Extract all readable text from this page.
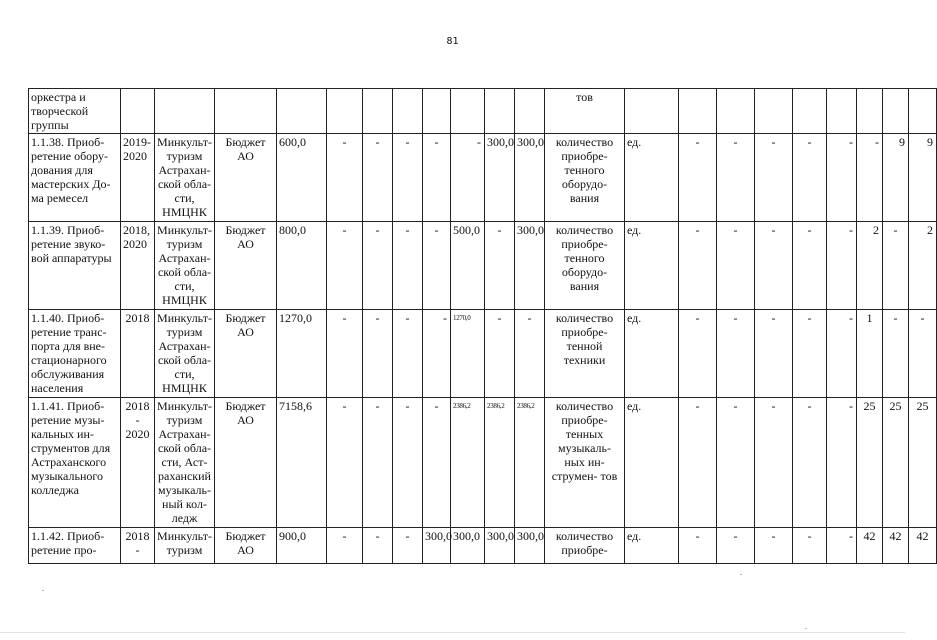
81
оркестра и творческой группы												тов									
1.1.38. Приоб- ретение обору- дования для мастерских До- ма ремесел	2019- 2020	Минкульт- туризм Астрахан- ской обла- сти, НМЦНК	Бюджет АО	600,0	-	-	-	-	-	300,0	300,0	количество приобре- тенного оборудо- вания	ед.	-	-	-	-	-	-	9	9
1.1.39. Приоб- ретение звуко- вой аппаратуры	2018, 2020	Минкульт- туризм Астрахан- ской обла- сти, НМЦНК	Бюджет АО	800,0	-	-	-	-	500,0	-	300,0	количество приобре- тенного оборудо- вания	ед.	-	-	-	-	-	2	-	2
1.1.40. Приоб- ретение транс- порта для вне- стационарного обслуживания населения	2018	Минкульт- туризм Астрахан- ской обла- сти, НМЦНК	Бюджет АО	1270,0	-	-	-	-	1270,0	-	-	количество приобре- тенной техники	ед.	-	-	-	-	-	1	-	-
1.1.41. Приоб- ретение музы- кальных ин- струментов для Астраханского музыкального колледжа	2018 - 2020	Минкульт- туризм Астрахан- ской обла- сти, Аст- раханский музыкаль- ный кол- ледж	Бюджет АО	7158,6	-	-	-	-	2386,2	2386,2	2386,2	количество приобре- тенных музыкаль- ных ин- струмен- тов	ед.	-	-	-	-	-	25	25	25
1.1.42. Приоб- ретение про-	2018 -	Минкульт- туризм	Бюджет АО	900,0	-	-	-	300,0	300,0	300,0	300,0	количество приобре-	ед.	-	-	-	-	-	42	42	42
